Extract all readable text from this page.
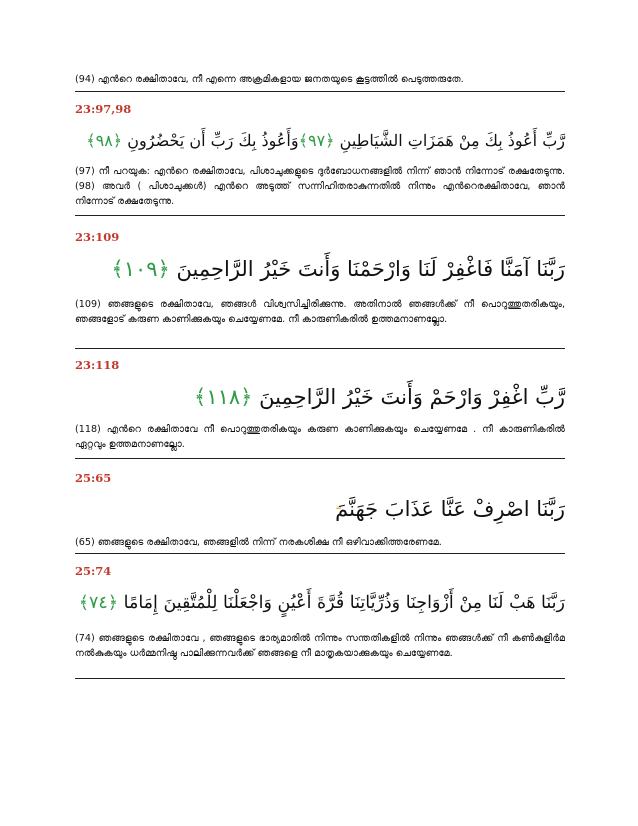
(94) എന്‍റെ രക്ഷിതാവേ, നീ എന്നെ അക്രമികളായ ജനതയുടെ കൂട്ടത്തില്‍ പെടുത്തരുതേ.
23:97,98
رَّبِّ أَعُوذُ بِكَ مِنْ هَمَزَاتِ الشَّيَاطِينِ ﴿٩٧﴾وَأَعُوذُ بِكَ رَبِّ أَن يَحْضُرُونِ ﴿٩٨﴾
(97) നീ പറയുക: എന്‍റെ രക്ഷിതാവേ, പിശാചുക്കളുടെ ദുര്‍ബോധനങ്ങളില്‍ നിന്ന് ഞാന്‍ നിന്നോട് രക്ഷതേടുന്നു. (98) അവര്‍ ( പിശാചുക്കള്‍) എന്‍റെ അടുത്ത് സന്നിഹിതരാകുന്നതില്‍ നിന്നും എന്‍റെരക്ഷിതാവേ, ഞാന്‍ നിന്നോട് രക്ഷതേടുന്നു.
23:109
رَبَّنَا آمَنَّا فَاغْفِرْ لَنَا وَارْحَمْنَا وَأَنتَ خَيْرُ الرَّاحِمِينَ ﴿١٠٩﴾
(109) ഞങ്ങളുടെ രക്ഷിതാവേ, ഞങ്ങള്‍ വിശ്വസിച്ചിരിക്കുന്നു. അതിനാല്‍ ഞങ്ങള്‍ക്ക് നീ പൊറുത്തുതരികയും, ഞങ്ങളോട് കരുണ കാണിക്കുകയും ചെയ്യേണമേ. നീ കാരുണികരില്‍ ഉത്തമനാണല്ലോ.
23:118
رَّبِّ اغْفِرْ وَارْحَمْ وَأَنتَ خَيْرُ الرَّاحِمِينَ ﴿١١٨﴾
(118) എന്‍റെ രക്ഷിതാവേ നീ പൊറുത്തുതരികയും കരുണ കാണിക്കുകയും ചെയ്യേണമേ . നീ കാരുണികരില്‍ ഏറ്റവും ഉത്തമനാണല്ലോ.
25:65
رَبَّنَا اصْرِفْ عَنَّا عَذَابَ جَهَنَّمَ
(65) ഞങ്ങളുടെ രക്ഷിതാവേ, ഞങ്ങളില്‍ നിന്ന് നരകശിക്ഷ നീ ഒഴിവാക്കിത്തരേണമേ.
25:74
رَبَّنَا هَبْ لَنَا مِنْ أَزْوَاجِنَا وَذُرِّيَّاتِنَا قُرَّةَ أَعْيُنٍ وَاجْعَلْنَا لِلْمُتَّقِينَ إِمَامًا ﴿٧٤﴾
(74) ഞങ്ങളുടെ രക്ഷിതാവേ , ഞങ്ങളുടെ ഭാര്യമാരില്‍ നിന്നും സന്തതികളില്‍ നിന്നും ഞങ്ങള്‍ക്ക് നീ കണ്‍കുളിര്‍മ നല്‍കുകയും ധര്‍മ്മനിഷ്ഠ പാലിക്കുന്നവര്‍ക്ക് ഞങ്ങളെ നീ മാതൃകയാക്കുകയും ചെയ്യേണമേ.
